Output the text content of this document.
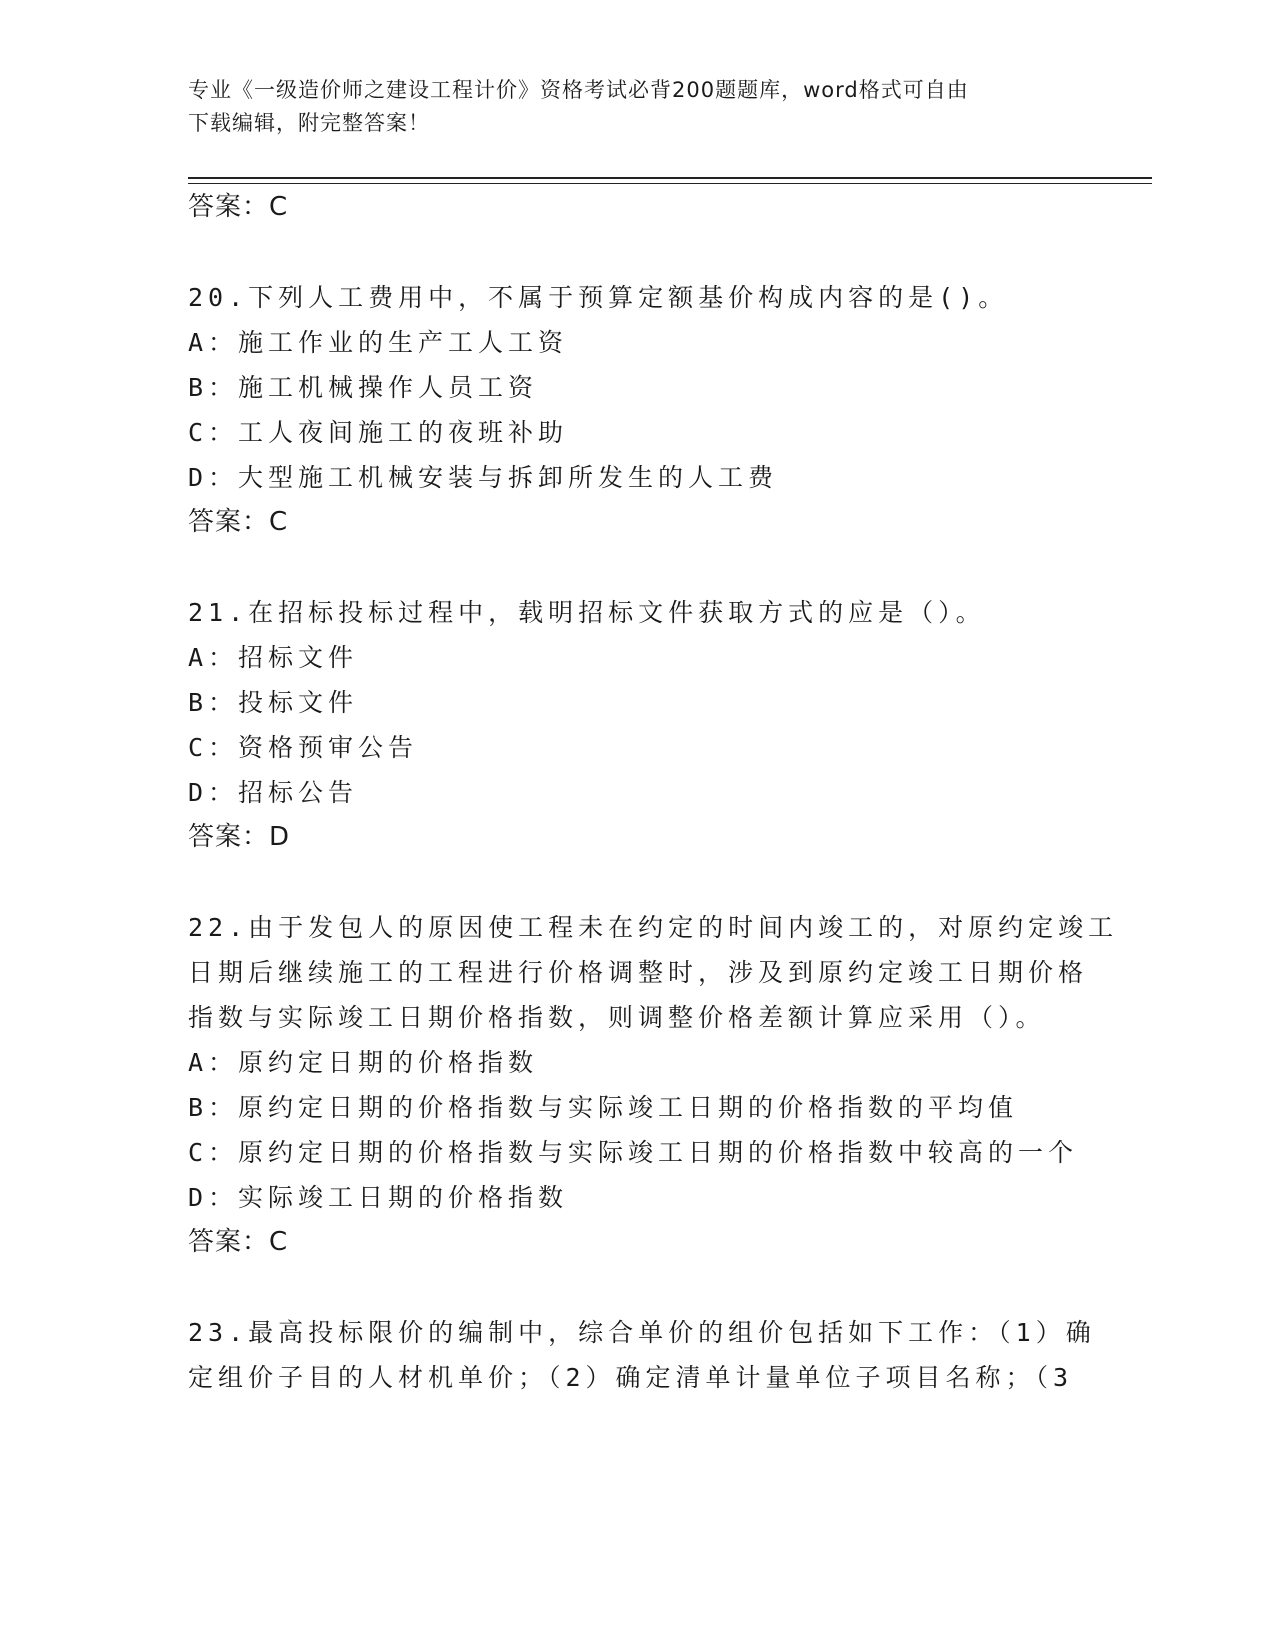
专业《一级造价师之建设工程计价》资格考试必背200题题库，word格式可自由
下载编辑，附完整答案！
答案：C
20.下列人工费用中，不属于预算定额基价构成内容的是()。
A：施工作业的生产工人工资
B：施工机械操作人员工资
C：工人夜间施工的夜班补助
D：大型施工机械安装与拆卸所发生的人工费
答案：C
21.在招标投标过程中，载明招标文件获取方式的应是（）。
A：招标文件
B：投标文件
C：资格预审公告
D：招标公告
答案：D
22.由于发包人的原因使工程未在约定的时间内竣工的，对原约定竣工
日期后继续施工的工程进行价格调整时，涉及到原约定竣工日期价格
指数与实际竣工日期价格指数，则调整价格差额计算应采用（）。
A：原约定日期的价格指数
B：原约定日期的价格指数与实际竣工日期的价格指数的平均值
C：原约定日期的价格指数与实际竣工日期的价格指数中较高的一个
D：实际竣工日期的价格指数
答案：C
23.最高投标限价的编制中，综合单价的组价包括如下工作：（1）确
定组价子目的人材机单价；（2）确定清单计量单位子项目名称；（3
